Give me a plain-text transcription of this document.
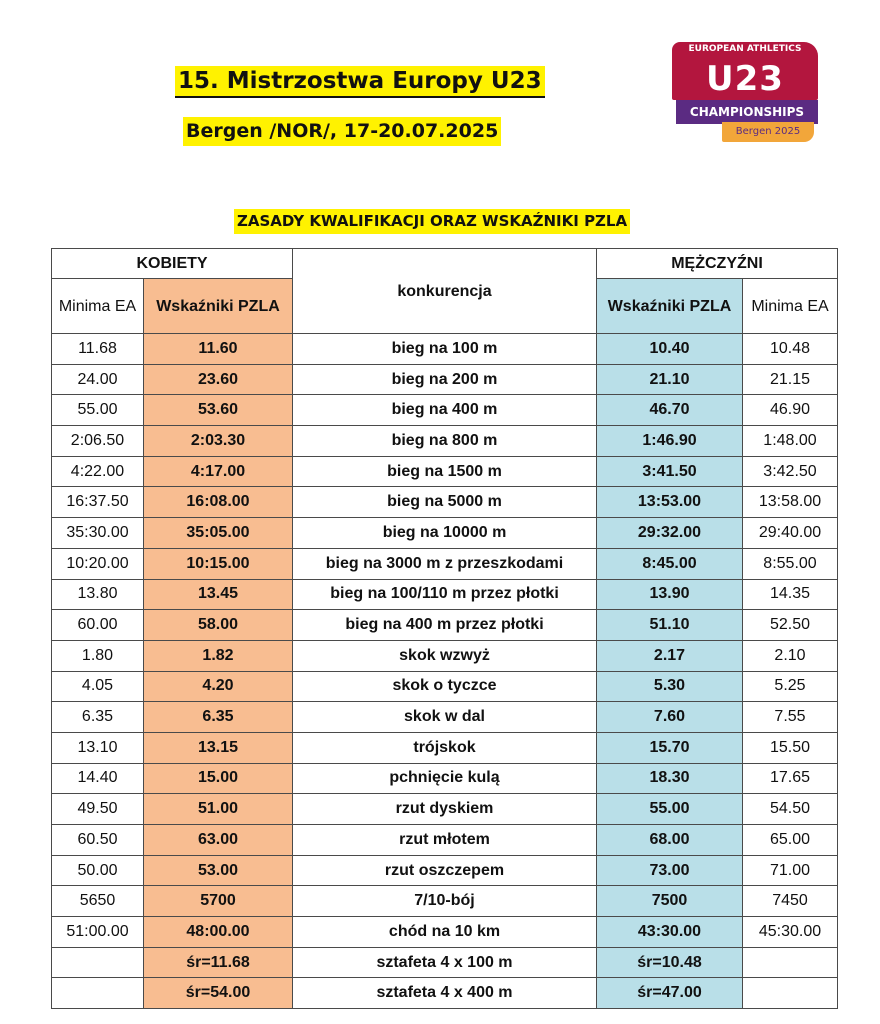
15. Mistrzostwa Europy U23
Bergen /NOR/, 17-20.07.2025
EUROPEAN ATHLETICS
U23
CHAMPIONSHIPS
Bergen 2025
ZASADY KWALIFIKACJI ORAZ WSKAŹNIKI PZLA
KOBIETY		konkurencja	MĘŻCZYŹNI	
Minima EA	Wskaźniki PZLA		Wskaźniki PZLA	Minima EA
11.68	11.60	bieg na 100 m	10.40	10.48
24.00	23.60	bieg na 200 m	21.10	21.15
55.00	53.60	bieg na 400 m	46.70	46.90
2:06.50	2:03.30	bieg na 800 m	1:46.90	1:48.00
4:22.00	4:17.00	bieg na 1500 m	3:41.50	3:42.50
16:37.50	16:08.00	bieg na 5000 m	13:53.00	13:58.00
35:30.00	35:05.00	bieg na 10000 m	29:32.00	29:40.00
10:20.00	10:15.00	bieg na 3000 m z przeszkodami	8:45.00	8:55.00
13.80	13.45	bieg na 100/110 m przez płotki	13.90	14.35
60.00	58.00	bieg na 400 m przez płotki	51.10	52.50
1.80	1.82	skok wzwyż	2.17	2.10
4.05	4.20	skok o tyczce	5.30	5.25
6.35	6.35	skok w dal	7.60	7.55
13.10	13.15	trójskok	15.70	15.50
14.40	15.00	pchnięcie kulą	18.30	17.65
49.50	51.00	rzut dyskiem	55.00	54.50
60.50	63.00	rzut młotem	68.00	65.00
50.00	53.00	rzut oszczepem	73.00	71.00
5650	5700	7/10-bój	7500	7450
51:00.00	48:00.00	chód na 10 km	43:30.00	45:30.00
	śr=11.68	sztafeta 4 x 100 m	śr=10.48	
	śr=54.00	sztafeta 4 x 400 m	śr=47.00	
